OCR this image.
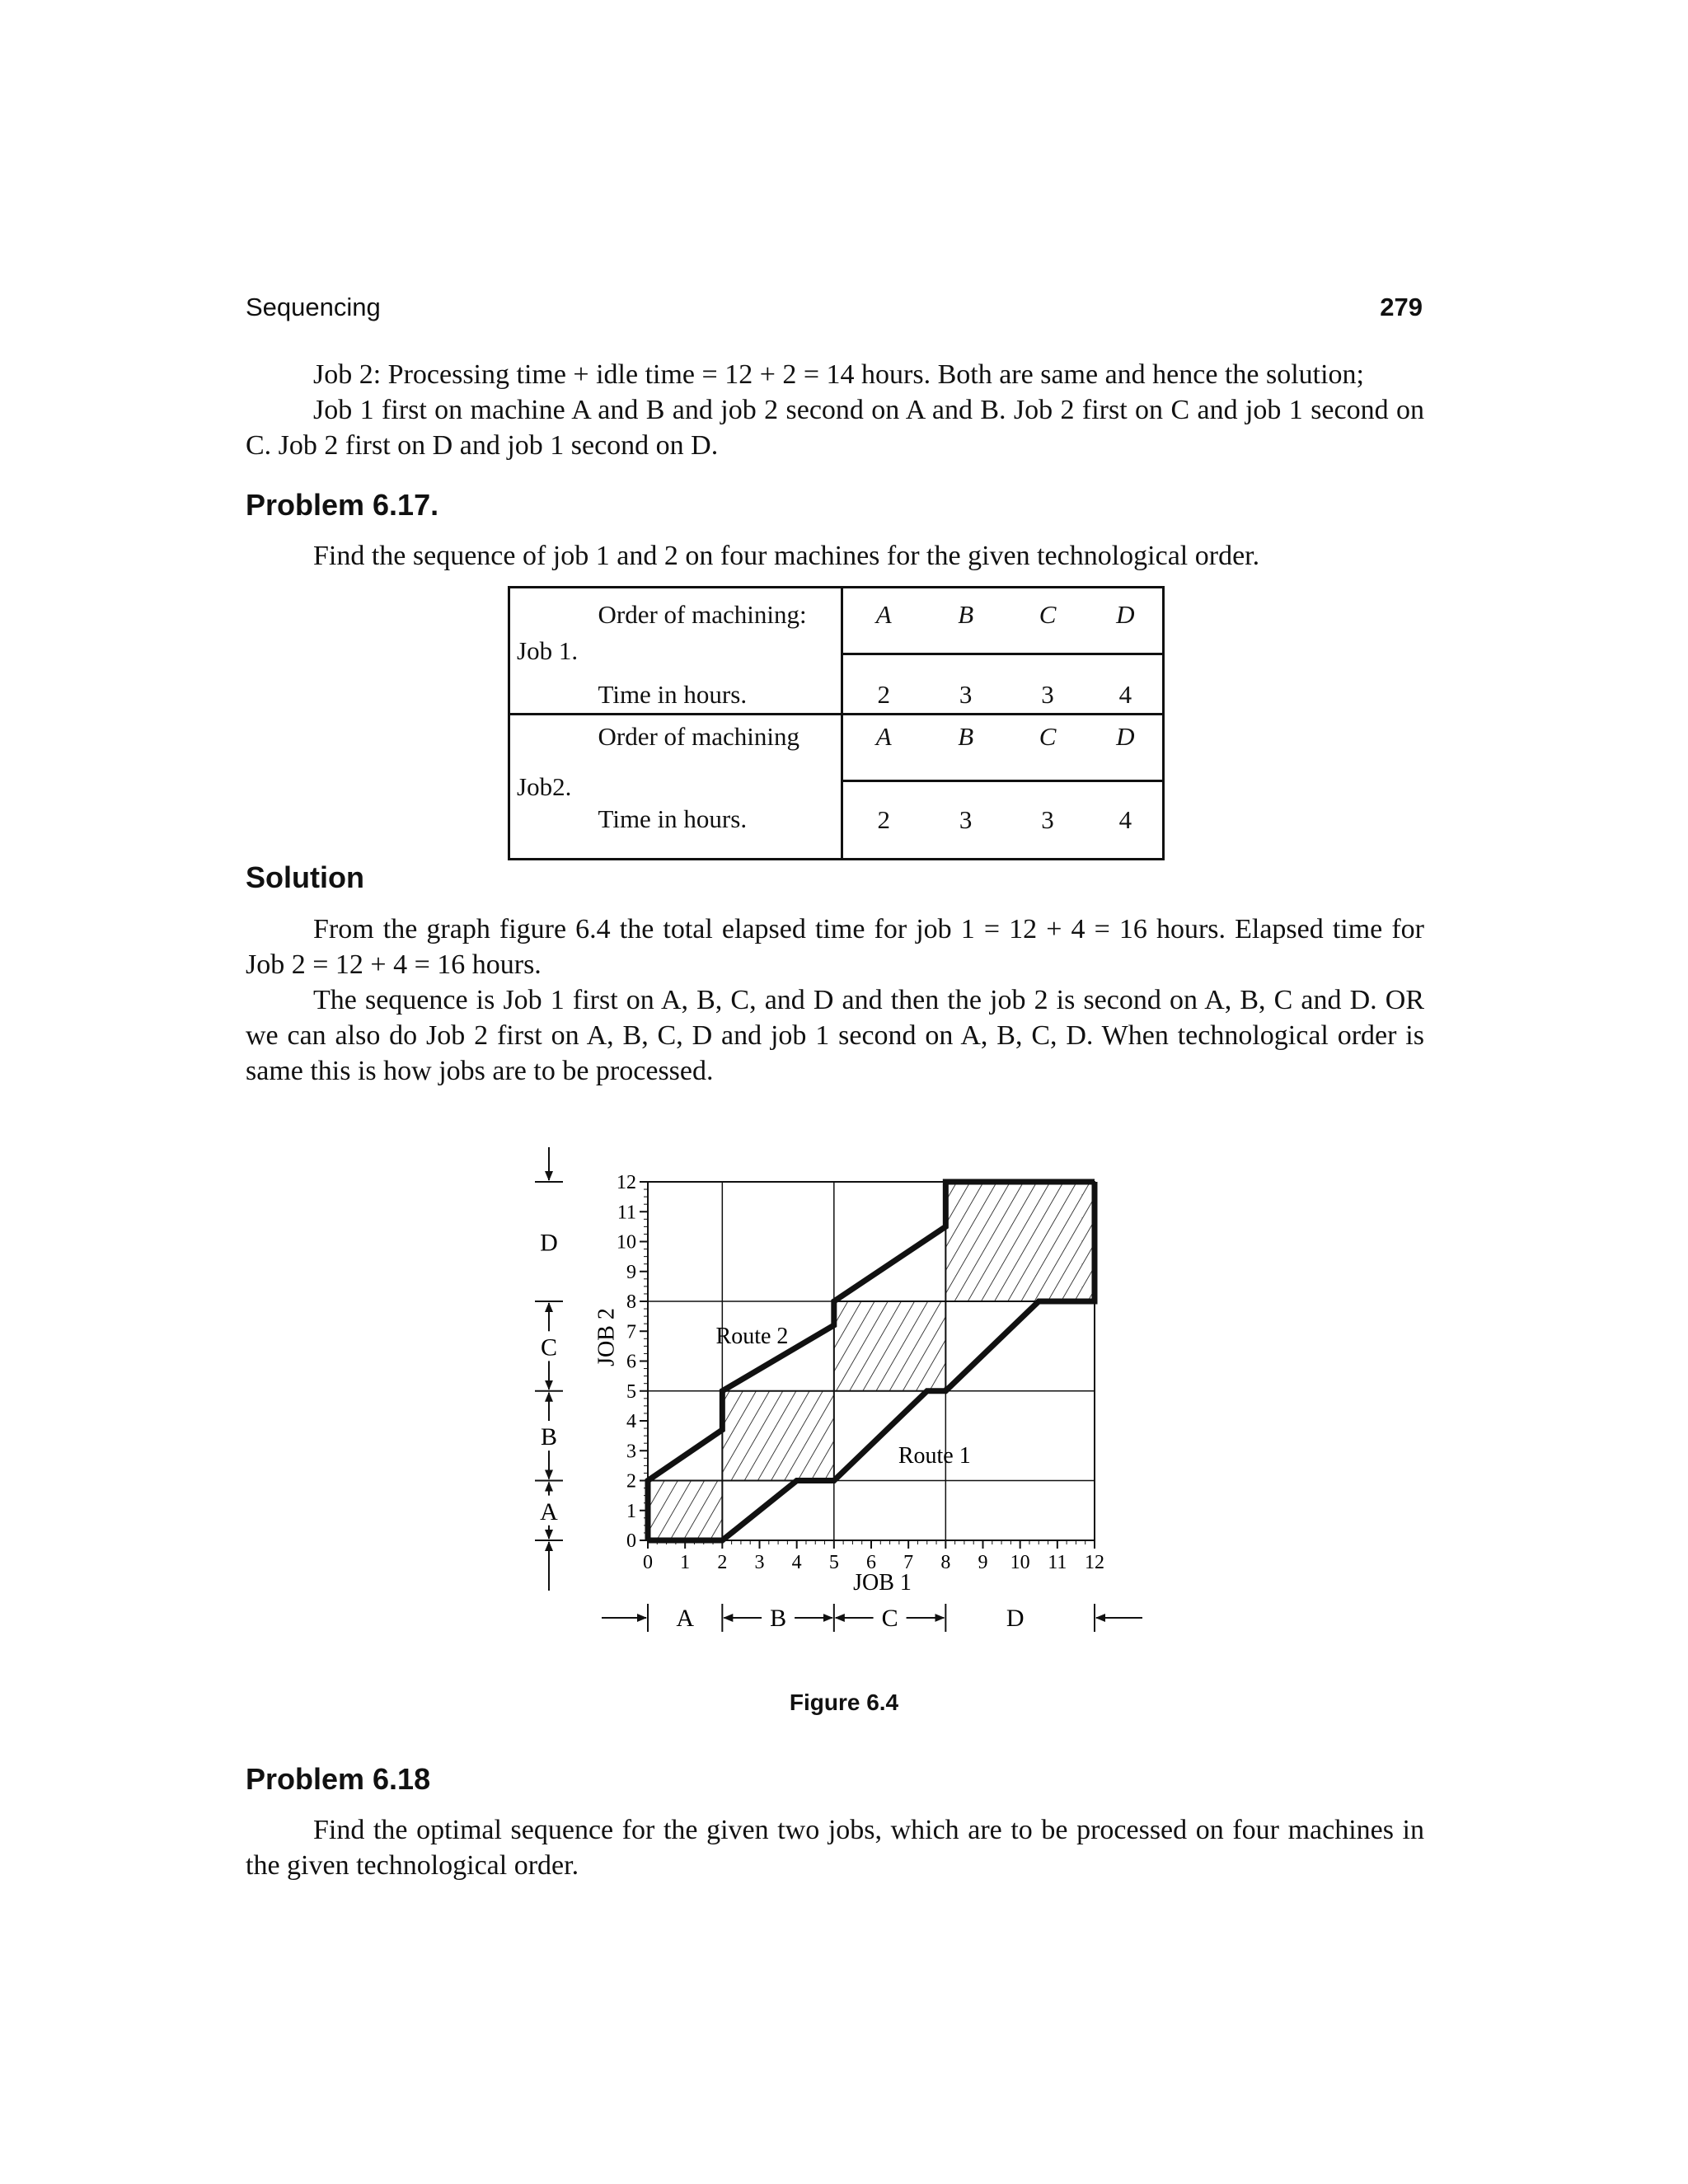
Sequencing	279

Job 2: Processing time + idle time = 12 + 2 = 14 hours. Both are same and hence the solution;

Job 1 first on machine A and B and job 2 second on A and B. Job 2 first on C and job 1 second on C. Job 2 first on D and job 1 second on D.

Problem 6.17.

Find the sequence of job 1 and 2 on four machines for the given technological order.

Job 1.	Order of machining:	A	B	C	D
	Time in hours.	2	3	3	4
Job2.	Order of machining	A	B	C	D
	Time in hours.	2	3	3	4
Solution

From the graph figure 6.4 the total elapsed time for job 1 = 12 + 4 = 16 hours. Elapsed time for Job 2 = 12 + 4 = 16 hours.

The sequence is Job 1 first on A, B, C, and D and then the job 2 is second on A, B, C and D. OR we can also do Job 2 first on A, B, C, D and job 1 second on A, B, C, D. When technological order is same this is how jobs are to be processed.

0 1 2 3 4 5 6 7 8 9 10 11 12
0
1
2
3
4
5
6
7
8
9
10
11
12
JOB 1
JOB 2	Route 2
Route 1
A	B	C	D
A
B
C
D
Figure 6.4
Problem 6.18

Find the optimal sequence for the given two jobs, which are to be processed on four machines in the given technological order.
